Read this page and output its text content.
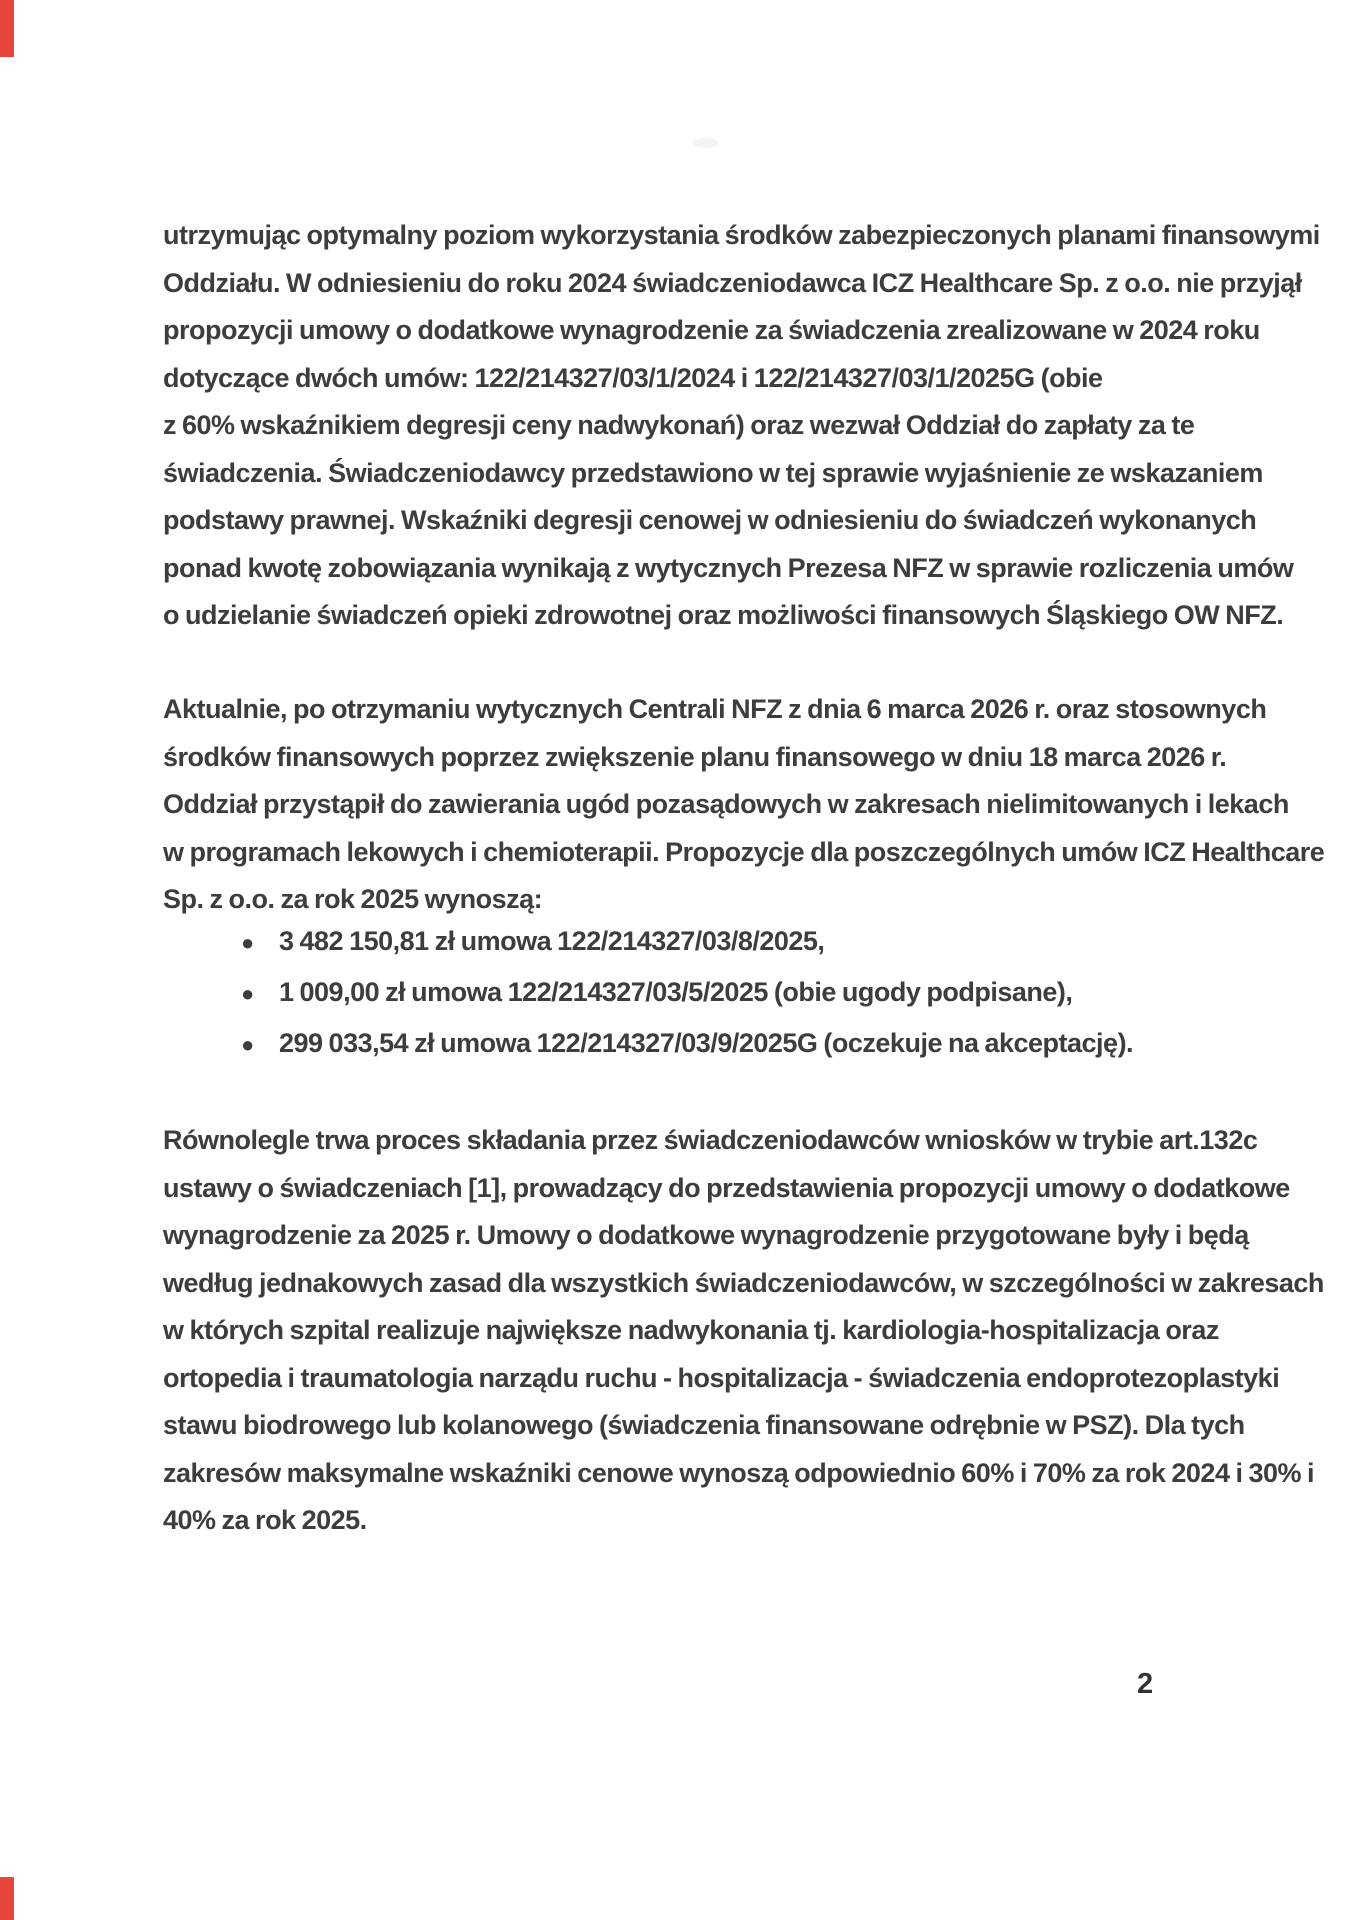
utrzymując optymalny poziom wykorzystania środków zabezpieczonych planami finansowymi
Oddziału. W odniesieniu do roku 2024 świadczeniodawca ICZ Healthcare Sp. z o.o. nie przyjął
propozycji umowy o dodatkowe wynagrodzenie za świadczenia zrealizowane w 2024 roku
dotyczące dwóch umów: 122/214327/03/1/2024 i 122/214327/03/1/2025G (obie
z 60% wskaźnikiem degresji ceny nadwykonań) oraz wezwał Oddział do zapłaty za te
świadczenia. Świadczeniodawcy przedstawiono w tej sprawie wyjaśnienie ze wskazaniem
podstawy prawnej. Wskaźniki degresji cenowej w odniesieniu do świadczeń wykonanych
ponad kwotę zobowiązania wynikają z wytycznych Prezesa NFZ w sprawie rozliczenia umów
o udzielanie świadczeń opieki zdrowotnej oraz możliwości finansowych Śląskiego OW NFZ.
Aktualnie, po otrzymaniu wytycznych Centrali NFZ z dnia 6 marca 2026 r. oraz stosownych
środków finansowych poprzez zwiększenie planu finansowego w dniu 18 marca 2026 r.
Oddział przystąpił do zawierania ugód pozasądowych w zakresach nielimitowanych i lekach
w programach lekowych i chemioterapii. Propozycje dla poszczególnych umów ICZ Healthcare
Sp. z o.o. za rok 2025 wynoszą:
● 3 482 150,81 zł umowa 122/214327/03/8/2025,
● 1 009,00 zł umowa 122/214327/03/5/2025 (obie ugody podpisane),
● 299 033,54 zł umowa 122/214327/03/9/2025G (oczekuje na akceptację).
Równolegle trwa proces składania przez świadczeniodawców wniosków w trybie art.132c
ustawy o świadczeniach [1], prowadzący do przedstawienia propozycji umowy o dodatkowe
wynagrodzenie za 2025 r. Umowy o dodatkowe wynagrodzenie przygotowane były i będą
według jednakowych zasad dla wszystkich świadczeniodawców, w szczególności w zakresach
w których szpital realizuje największe nadwykonania tj. kardiologia-hospitalizacja oraz
ortopedia i traumatologia narządu ruchu - hospitalizacja - świadczenia endoprotezoplastyki
stawu biodrowego lub kolanowego (świadczenia finansowane odrębnie w PSZ). Dla tych
zakresów maksymalne wskaźniki cenowe wynoszą odpowiednio 60% i 70% za rok 2024 i 30% i
40% za rok 2025.
2
